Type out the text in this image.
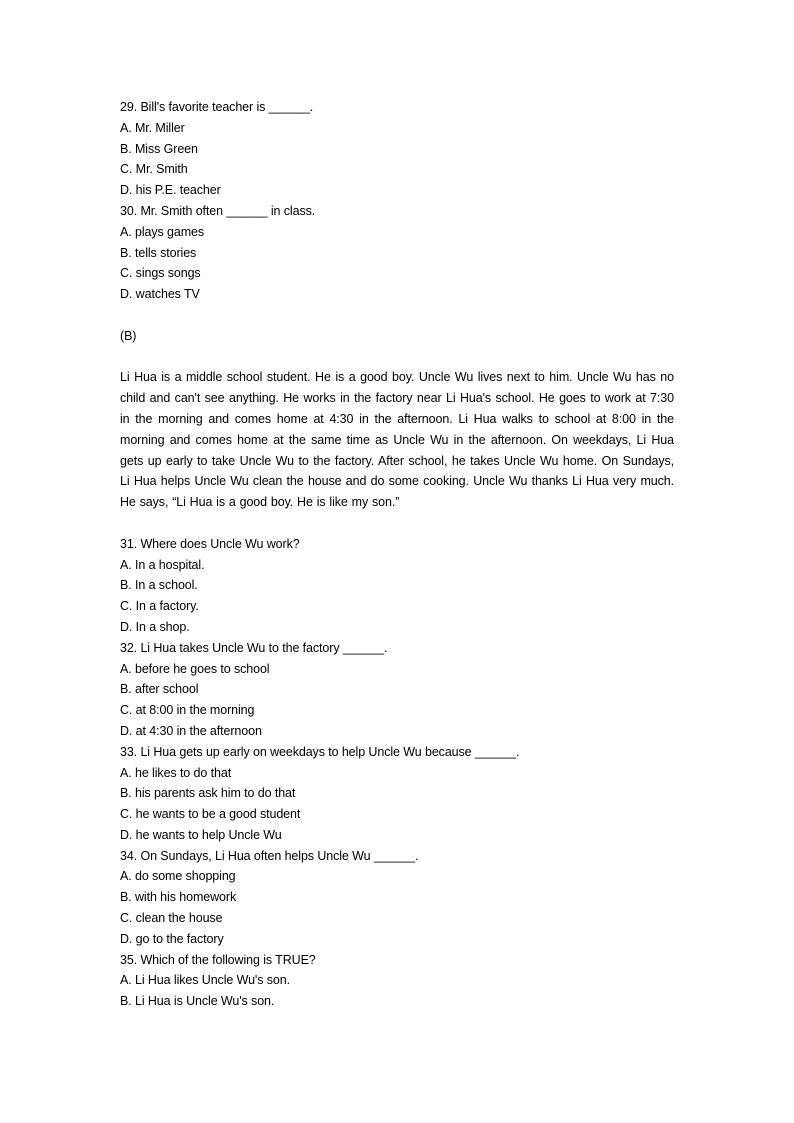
29. Bill's favorite teacher is ______.
A. Mr. Miller
B. Miss Green
C. Mr. Smith
D. his P.E. teacher
30. Mr. Smith often ______ in class.
A. plays games
B. tells stories
C. sings songs
D. watches TV
(B)

Li Hua is a middle school student. He is a good boy. Uncle Wu lives next to him. Uncle Wu has no child and can't see anything. He works in the factory near Li Hua's school. He goes to work at 7:30 in the morning and comes home at 4:30 in the afternoon. Li Hua walks to school at 8:00 in the morning and comes home at the same time as Uncle Wu in the afternoon. On weekdays, Li Hua gets up early to take Uncle Wu to the factory. After school, he takes Uncle Wu home. On Sundays, Li Hua helps Uncle Wu clean the house and do some cooking. Uncle Wu thanks Li Hua very much. He says, “Li Hua is a good boy. He is like my son.”

31. Where does Uncle Wu work?
A. In a hospital.
B. In a school.
C. In a factory.
D. In a shop.
32. Li Hua takes Uncle Wu to the factory ______.
A. before he goes to school
B. after school
C. at 8:00 in the morning
D. at 4:30 in the afternoon
33. Li Hua gets up early on weekdays to help Uncle Wu because ______.
A. he likes to do that
B. his parents ask him to do that
C. he wants to be a good student
D. he wants to help Uncle Wu
34. On Sundays, Li Hua often helps Uncle Wu ______.
A. do some shopping
B. with his homework
C. clean the house
D. go to the factory
35. Which of the following is TRUE?
A. Li Hua likes Uncle Wu's son.
B. Li Hua is Uncle Wu's son.
